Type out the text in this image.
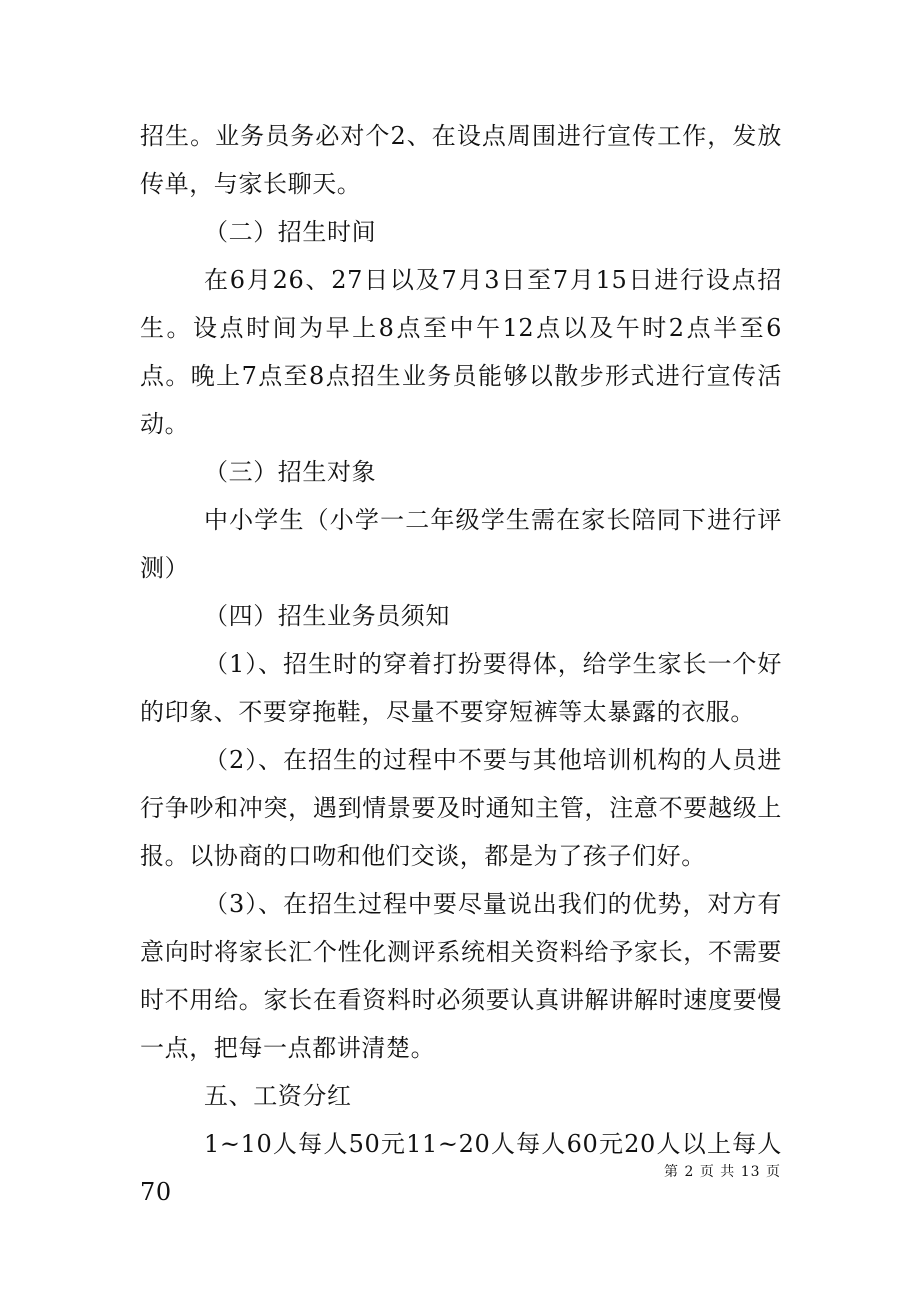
招生。业务员务必对个2、在设点周围进行宣传工作，发放传单，与家长聊天。

（二）招生时间

在6月26、27日以及7月3日至7月15日进行设点招生。设点时间为早上8点至中午12点以及午时2点半至6点。晚上7点至8点招生业务员能够以散步形式进行宣传活动。

（三）招生对象

中小学生（小学一二年级学生需在家长陪同下进行评测）

（四）招生业务员须知

（1）、招生时的穿着打扮要得体，给学生家长一个好的印象、不要穿拖鞋，尽量不要穿短裤等太暴露的衣服。

（2）、在招生的过程中不要与其他培训机构的人员进行争吵和冲突，遇到情景要及时通知主管，注意不要越级上报。以协商的口吻和他们交谈，都是为了孩子们好。

（3）、在招生过程中要尽量说出我们的优势，对方有意向时将家长汇个性化测评系统相关资料给予家长，不需要时不用给。家长在看资料时必须要认真讲解讲解时速度要慢一点，把每一点都讲清楚。

五、工资分红

1~10人每人50元11~20人每人60元20人以上每人70

第 2 页 共 13 页
